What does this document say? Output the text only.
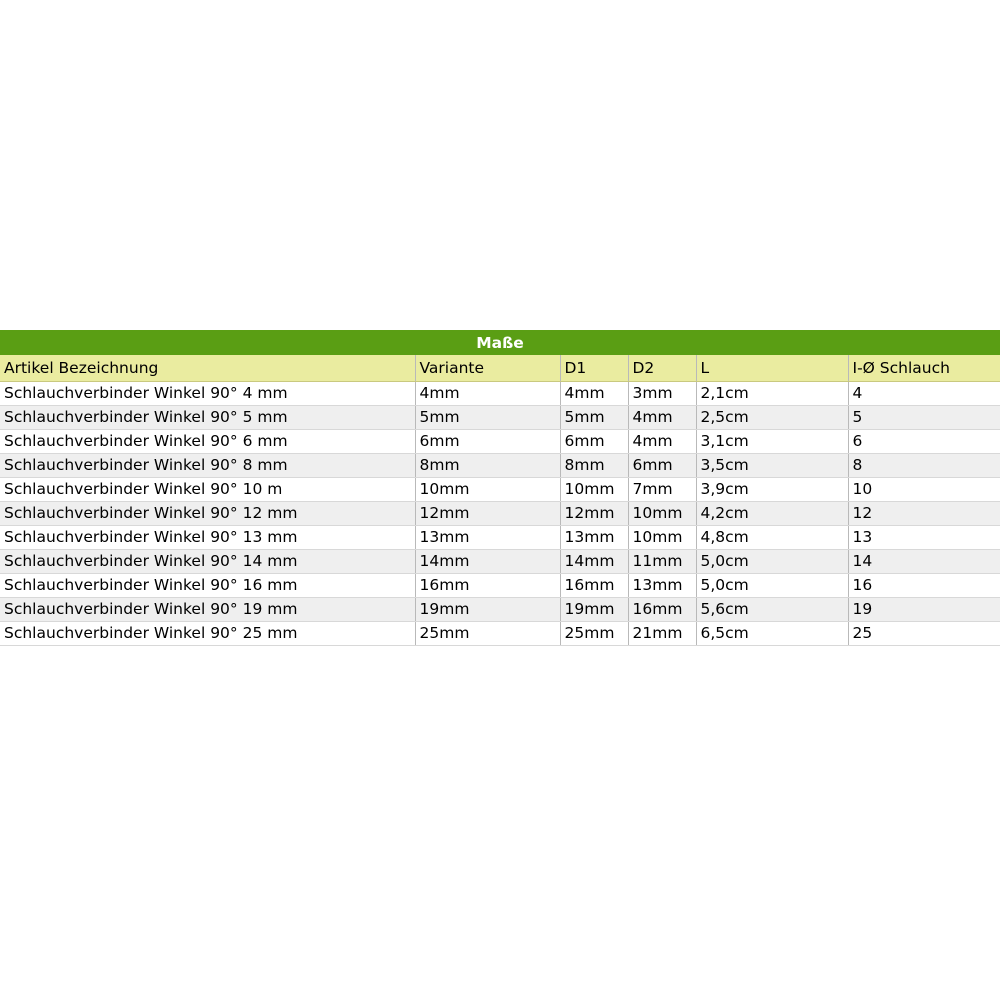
Maße					
Artikel Bezeichnung	Variante	D1	D2	L	I-Ø Schlauch
Schlauchverbinder Winkel 90° 4 mm	4mm	4mm	3mm	2,1cm	4
Schlauchverbinder Winkel 90° 5 mm	5mm	5mm	4mm	2,5cm	5
Schlauchverbinder Winkel 90° 6 mm	6mm	6mm	4mm	3,1cm	6
Schlauchverbinder Winkel 90° 8 mm	8mm	8mm	6mm	3,5cm	8
Schlauchverbinder Winkel 90° 10 m	10mm	10mm	7mm	3,9cm	10
Schlauchverbinder Winkel 90° 12 mm	12mm	12mm	10mm	4,2cm	12
Schlauchverbinder Winkel 90° 13 mm	13mm	13mm	10mm	4,8cm	13
Schlauchverbinder Winkel 90° 14 mm	14mm	14mm	11mm	5,0cm	14
Schlauchverbinder Winkel 90° 16 mm	16mm	16mm	13mm	5,0cm	16
Schlauchverbinder Winkel 90° 19 mm	19mm	19mm	16mm	5,6cm	19
Schlauchverbinder Winkel 90° 25 mm	25mm	25mm	21mm	6,5cm	25
